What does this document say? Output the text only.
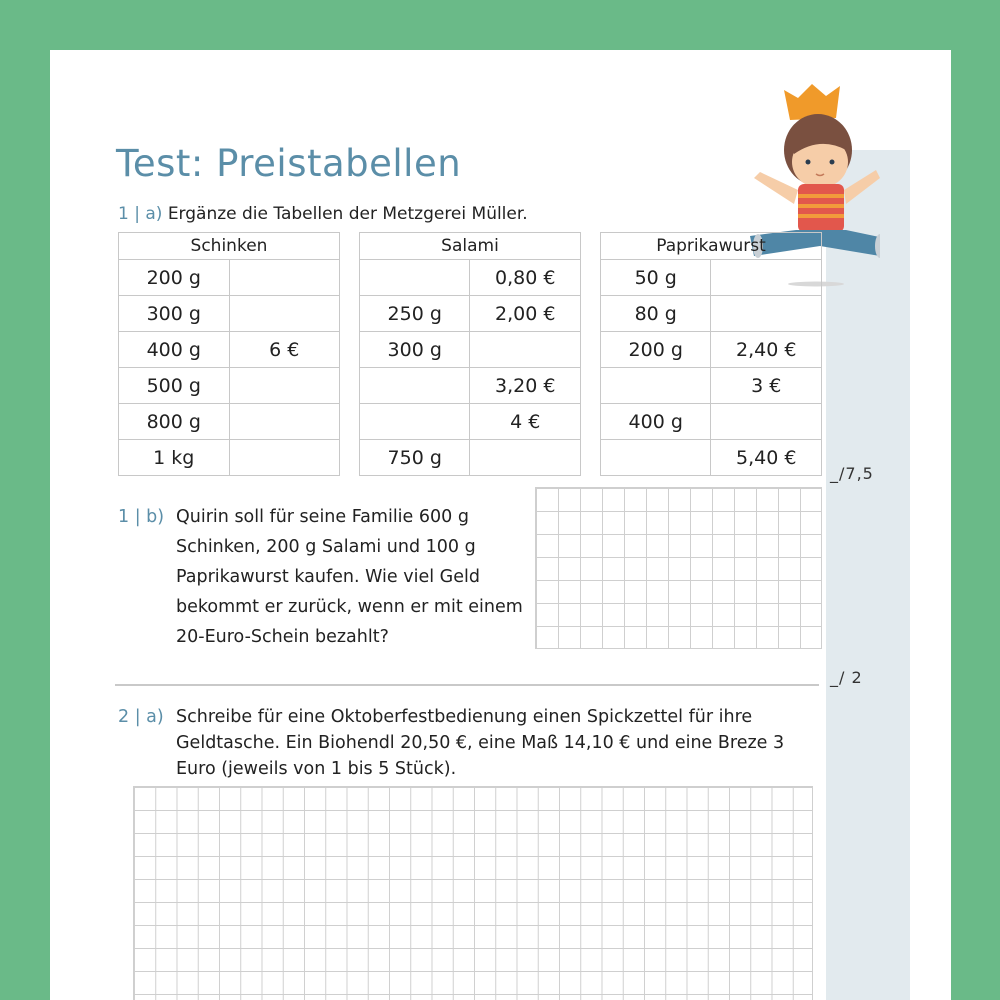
Test: Preistabellen
1 | a) Ergänze die Tabellen der Metzgerei Müller.
Schinken	
200 g	
300 g	
400 g	6 €
500 g	
800 g	
1 kg	
Salami	
	0,80 €
250 g	2,00 €
300 g	
	3,20 €
	4 €
750 g	
Paprikawurst	
50 g	
80 g	
200 g	2,40 €
	3 €
400 g	
	5,40 €
_/7,5
1 | b) Quirin soll für seine Familie 600 g Schinken, 200 g Salami und 100 g Paprikawurst kaufen. Wie viel Geld bekommt er zurück, wenn er mit einem 20-Euro-Schein bezahlt?
_/ 2
2 | a) Schreibe für eine Oktoberfestbedienung einen Spickzettel für ihre Geldtasche. Ein Biohendl 20,50 €, eine Maß 14,10 € und eine Breze 3 Euro (jeweils von 1 bis 5 Stück).
